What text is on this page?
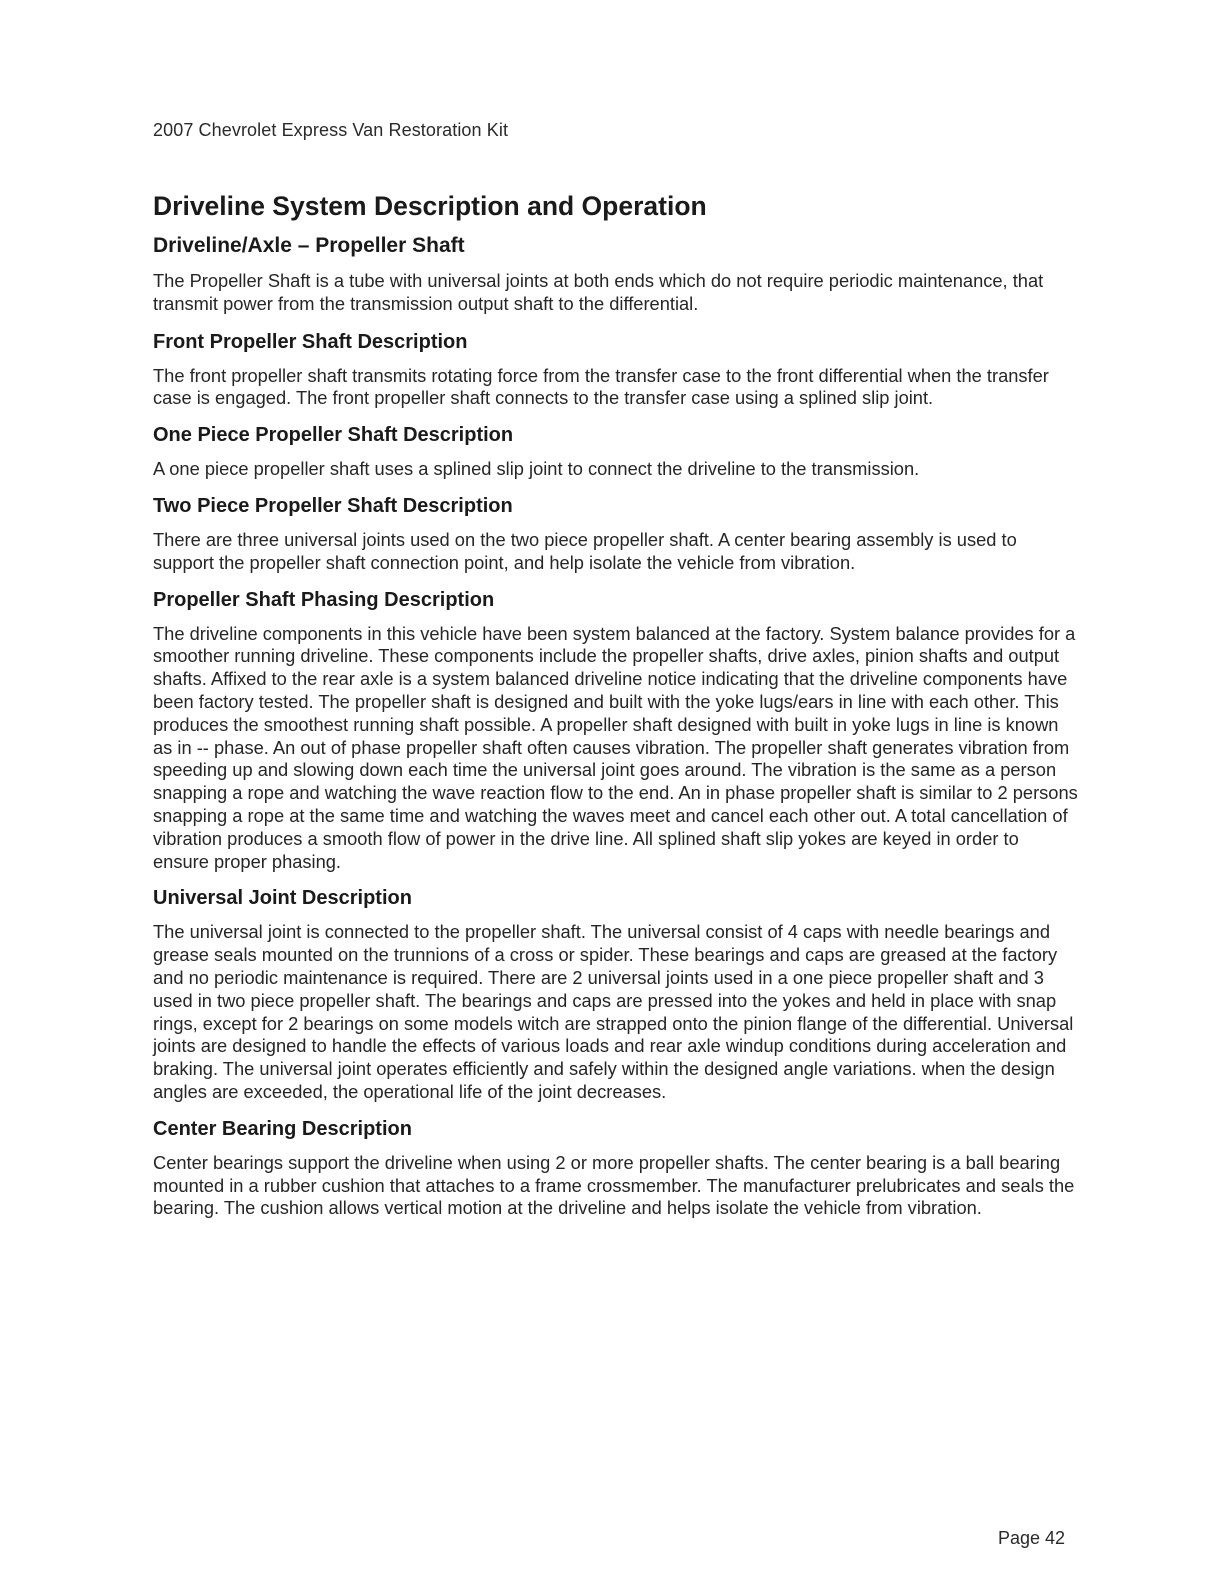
2007 Chevrolet Express Van Restoration Kit
Driveline System Description and Operation
Driveline/Axle – Propeller Shaft

The Propeller Shaft is a tube with universal joints at both ends which do not require periodic maintenance, that transmit power from the transmission output shaft to the differential.

Front Propeller Shaft Description

The front propeller shaft transmits rotating force from the transfer case to the front differential when the transfer case is engaged. The front propeller shaft connects to the transfer case using a splined slip joint.

One Piece Propeller Shaft Description

A one piece propeller shaft uses a splined slip joint to connect the driveline to the transmission.

Two Piece Propeller Shaft Description

There are three universal joints used on the two piece propeller shaft. A center bearing assembly is used to support the propeller shaft connection point, and help isolate the vehicle from vibration.

Propeller Shaft Phasing Description

The driveline components in this vehicle have been system balanced at the factory. System balance provides for a smoother running driveline. These components include the propeller shafts, drive axles, pinion shafts and output shafts. Affixed to the rear axle is a system balanced driveline notice indicating that the driveline components have been factory tested. The propeller shaft is designed and built with the yoke lugs/ears in line with each other. This produces the smoothest running shaft possible. A propeller shaft designed with built in yoke lugs in line is known as in -- phase. An out of phase propeller shaft often causes vibration. The propeller shaft generates vibration from speeding up and slowing down each time the universal joint goes around. The vibration is the same as a person snapping a rope and watching the wave reaction flow to the end. An in phase propeller shaft is similar to 2 persons snapping a rope at the same time and watching the waves meet and cancel each other out. A total cancellation of vibration produces a smooth flow of power in the drive line. All splined shaft slip yokes are keyed in order to ensure proper phasing.

Universal Joint Description

The universal joint is connected to the propeller shaft. The universal consist of 4 caps with needle bearings and grease seals mounted on the trunnions of a cross or spider. These bearings and caps are greased at the factory and no periodic maintenance is required. There are 2 universal joints used in a one piece propeller shaft and 3 used in two piece propeller shaft. The bearings and caps are pressed into the yokes and held in place with snap rings, except for 2 bearings on some models witch are strapped onto the pinion flange of the differential. Universal joints are designed to handle the effects of various loads and rear axle windup conditions during acceleration and braking. The universal joint operates efficiently and safely within the designed angle variations. when the design angles are exceeded, the operational life of the joint decreases.

Center Bearing Description

Center bearings support the driveline when using 2 or more propeller shafts. The center bearing is a ball bearing mounted in a rubber cushion that attaches to a frame crossmember. The manufacturer prelubricates and seals the bearing. The cushion allows vertical motion at the driveline and helps isolate the vehicle from vibration.

Page 42
